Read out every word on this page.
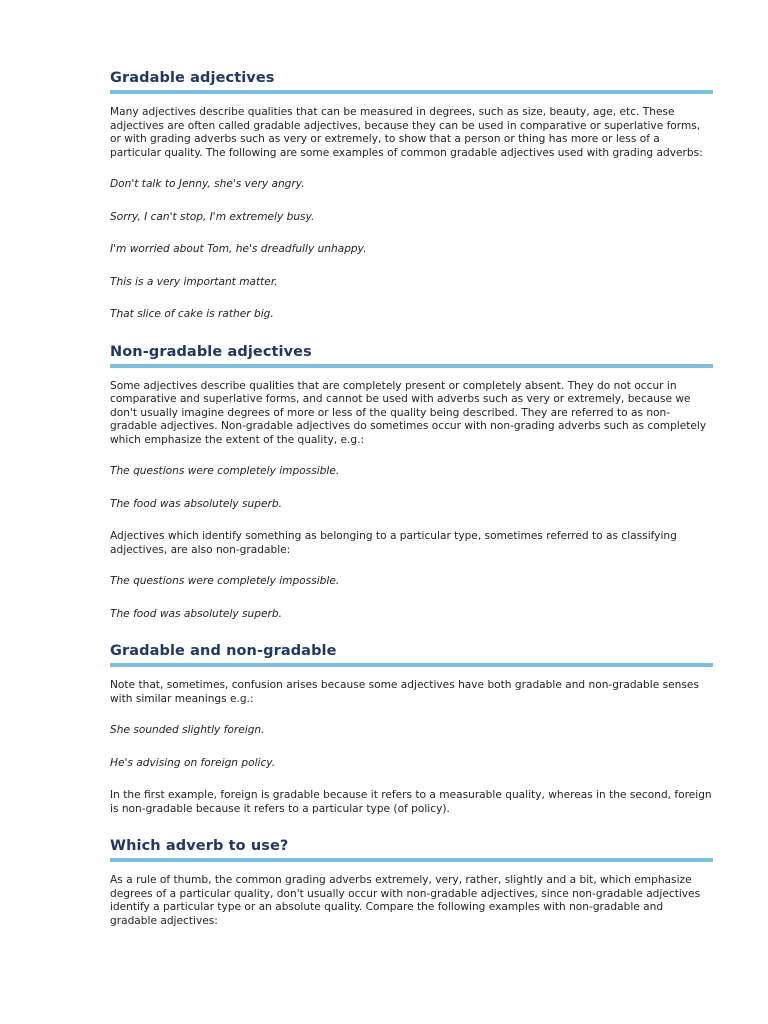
Gradable adjectives

Many adjectives describe qualities that can be measured in degrees, such as size, beauty, age, etc. These adjectives are often called gradable adjectives, because they can be used in comparative or superlative forms, or with grading adverbs such as very or extremely, to show that a person or thing has more or less of a particular quality. The following are some examples of common gradable adjectives used with grading adverbs:

Don't talk to Jenny, she's very angry.

Sorry, I can't stop, I'm extremely busy.

I'm worried about Tom, he's dreadfully unhappy.

This is a very important matter.

That slice of cake is rather big.

Non-gradable adjectives

Some adjectives describe qualities that are completely present or completely absent. They do not occur in comparative and superlative forms, and cannot be used with adverbs such as very or extremely, because we don't usually imagine degrees of more or less of the quality being described. They are referred to as non-gradable adjectives. Non-gradable adjectives do sometimes occur with non-grading adverbs such as completely which emphasize the extent of the quality, e.g.:

The questions were completely impossible.

The food was absolutely superb.

Adjectives which identify something as belonging to a particular type, sometimes referred to as classifying adjectives, are also non-gradable:

The questions were completely impossible.

The food was absolutely superb.

Gradable and non-gradable

Note that, sometimes, confusion arises because some adjectives have both gradable and non-gradable senses with similar meanings e.g.:

She sounded slightly foreign.

He's advising on foreign policy.

In the first example, foreign is gradable because it refers to a measurable quality, whereas in the second, foreign is non-gradable because it refers to a particular type (of policy).

Which adverb to use?

As a rule of thumb, the common grading adverbs extremely, very, rather, slightly and a bit, which emphasize degrees of a particular quality, don't usually occur with non-gradable adjectives, since non-gradable adjectives identify a particular type or an absolute quality. Compare the following examples with non-gradable and gradable adjectives:
